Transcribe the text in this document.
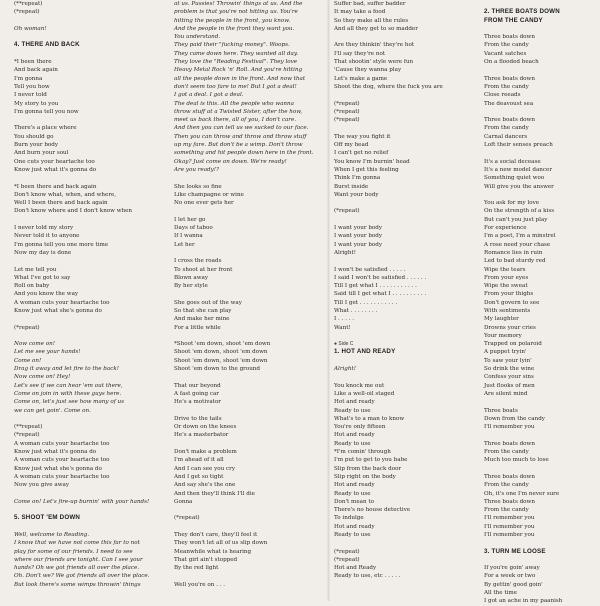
(**repeat)
(*repeat)
Oh woman!
4. THERE AND BACK
*I been there
And back again
I'm gonna
Tell you how
I never told
My story to you
I'm gonna tell you now
There's a place where
You should go
Burn your body
And burn your soul
One cuts your heartache too
Know just what it's gonna do
*I been there and back again
Don't know what, when, and where,
Well I been there and back again
Don't know where and I don't know when
I never told my story
Never told it to anyone
I'm gonna tell you one more time
Now my day is done
Let me tell you
What I've got to say
Roll on baby
And you know the way
A woman cuts your heartache too
Know just what she's gonna do
(*repeat)
Now come on!
Let me see your hands!
Come on!
Drag it away and let fire to the back!
Now come on! Hey!
Let's see if we can hear 'em out there,
Come on join in with these guys here.
Come on, let's just see how many of us
we can get goin'. Come on.
(**repeat)
(*repeat)
A woman cuts your heartache too
Know just what it's gonna do
A woman cuts your heartache too
Know just what she's gonna do
A woman cuts your heartache too
Now you give away
Come on! Let's fire-up burnin' with your hands!
5. SHOOT 'EM DOWN
Well, welcome to Reading.
I know that we have not come this far to not
play for some of our friends. I need to see
where our friends are tonight. Can I see your
hands? Oh we got friends all over the place.
Oh. Don't we? We got friends all over the place.
But look there's some wimps throwin' things
at us. Pussies! Throwin' things at us. And the
problem is that you're not hitting us. You're
hitting the people in the front, you know.
And the people in the front they want you.
You understand.
They paid their "fucking money". Woops.
They came down here. They wanted all day.
They love the "Reading Festival". They love
Heavy Metal Rock 'n' Roll. And you're hitting
all the people down in the front. And now that
don't seem too fare to me! But I got a deal!
I got a deal. I got a deal.
The deal is this. All the people who wanna
throw stuff at a Twisted Sister, after the how,
meet us back there, all of you, I don't care.
And then you can tell us we sucked to our face.
Then you can throw and throw and throw stuff
up my fare. But don't be a wimp. Don't throw
something and hit people down here in the front.
Okay? Just come on down. We're ready!
Are you ready!?
She looks so fine
Like champagne or wine
No one ever gets her
I let her go
Days of taboo
If I wanna
Let her
I cross the roads
To shoot at her front
Blown away
By her style
She goes out of the way
So that she can play
And make her mine
For a little while
*Shoot 'em down, shoot 'em down
Shoot 'em down, shoot 'em down
Shoot 'em down, shoot 'em down
Shoot 'em down to the ground
That our beyond
A fast going car
He's a motivator
Drive to the tails
Or down on the knees
He's a masterbator
Don't make a problem
I'm ahead of it all
And I can see you cry
And I get so tight
And say she's the one
And then they'll think I'll die
Gonna
(*repeat)
They don't care, they'll feel it
They won't let all of us slip down
Meanwhile what is hearing
That girl ain't stopped
By the red light
Well you're on . . .
Suffer bad, suffer badder
It may take a food
So they make all the rules
And all they get to so madder
Are they thinkin' they're hot
I'll say they're not
That shootin' style were fun
'Cause they wanna play
Let's make a game
Shoot the dog, where the fuck you are
(*repeat)
(*repeat)
(*repeat)
The way you fight it
Off my head
I can't get no relief
You know I'm burnin' head
When I get this feeling
Think I'm gonna
Burst inside
Want your body
(*repeat)
I want your body
I want your body
I want your body
Alright!
I won't be satisfied . . . . .
I said I won't be satisfied . . . . . .
Till I get what I . . . . . . . . . . .
Said till I get what I . . . . . . . . . .
Till I get . . . . . . . . . . .
What . . . . . . . .
I . . . . .
Want!
● Side C
1. HOT AND READY
Alright!
You knock me out
Like a well-oil staged
Hot and ready
Ready to use
What's to a man to know
You're only fifteen
Hot and ready
Ready to use
*I'm comin' through
I'm put to get to you babe
Slip from the back door
Slip right on the body
Hot and ready
Ready to use
Don't mean to
There's no house detective
To indulge
Hot and ready
Ready to use
(*repeat)
(*repeat)
Hot and Ready
Ready to use, etc . . . . .
2. THREE BOATS DOWN
FROM THE CANDY
Three boats down
From the candy
Vacant satches
On a flooded beach
Three boats down
From the candy
Close reeads
The deavoust sea
Three boats down
From the candy
Carnal dancers
Loft their senses preach
It's a social decease
It's a new model dancer
Something quiet woo
Will give you the answer
You ask for my love
On the strength of a kiss
But can't you just play
For experience
I'm a poet, I'm a minstrel
A rose need your chase
Romance lies in ruin
Led to bad sturdy red
Wipe the tears
From your eyes
Wipe the sweat
From your thighs
Don't govern to see
With sentiments
My laughter
Drowns your cries
Your memory
Trapped on polaroid
A puppet tryin'
To saw your lyin'
So drink the wine
Confess your sins
Just flooks of men
Are silent mind
Three boats
Down from the candy
I'll remember you
Three boats down
From the candy
Much too much to lose
Three boats down
From the candy
Oh, it's one I'm never sure
Three boats down
From the candy
I'll remember you
I'll remember you
I'll remember you
3. TURN ME LOOSE
If you're goin' away
For a week or two
By gettin' good goin'
All the time
I got an ache in my paanish
